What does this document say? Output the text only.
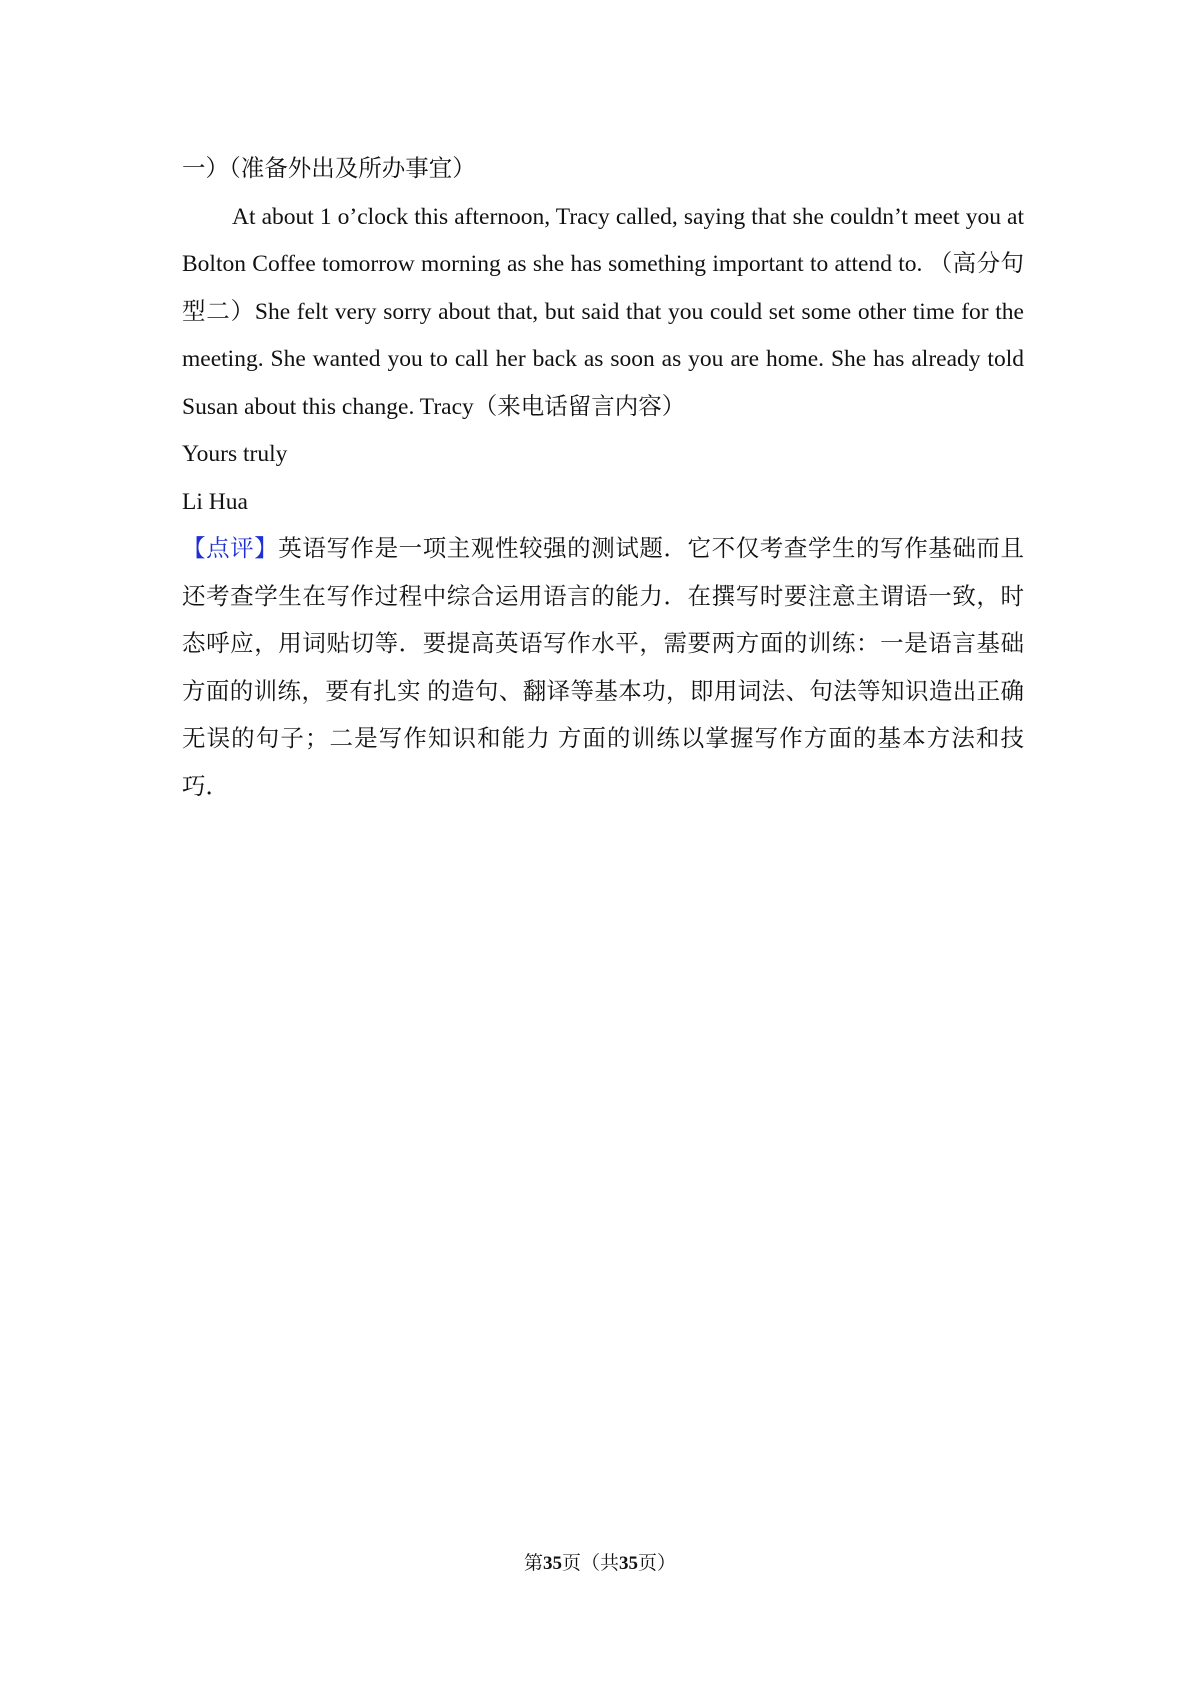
一）（准备外出及所办事宜）

At about 1 o’clock this afternoon, Tracy called, saying that she couldn’t meet you at Bolton Coffee tomorrow morning as she has something important to attend to. （高分句型二）She felt very sorry about that, but said that you could set some other time for the meeting. She wanted you to call her back as soon as you are home. She has already told Susan about this change. Tracy（来电话留言内容）

Yours truly

Li Hua

【点评】英语写作是一项主观性较强的测试题．它不仅考查学生的写作基础而且还考查学生在写作过程中综合运用语言的能力．在撰写时要注意主谓语一致，时态呼应，用词贴切等．要提高英语写作水平，需要两方面的训练：一是语言基础方面的训练，要有扎实 的造句、翻译等基本功，即用词法、句法等知识造出正确无误的句子；二是写作知识和能力 方面的训练以掌握写作方面的基本方法和技巧．

第35页（共35页）
